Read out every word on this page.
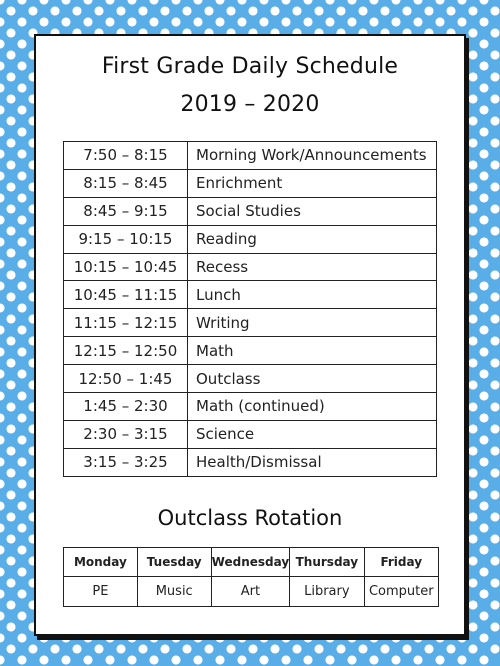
First Grade Daily Schedule
2019 – 2020
7:50 – 8:15	Morning Work/Announcements
8:15 – 8:45	Enrichment
8:45 – 9:15	Social Studies
9:15 – 10:15	Reading
10:15 – 10:45	Recess
10:45 – 11:15	Lunch
11:15 – 12:15	Writing
12:15 – 12:50	Math
12:50 – 1:45	Outclass
1:45 – 2:30	Math (continued)
2:30 – 3:15	Science
3:15 – 3:25	Health/Dismissal
Outclass Rotation
Monday	Tuesday	Wednesday	Thursday	Friday
PE	Music	Art	Library	Computer
